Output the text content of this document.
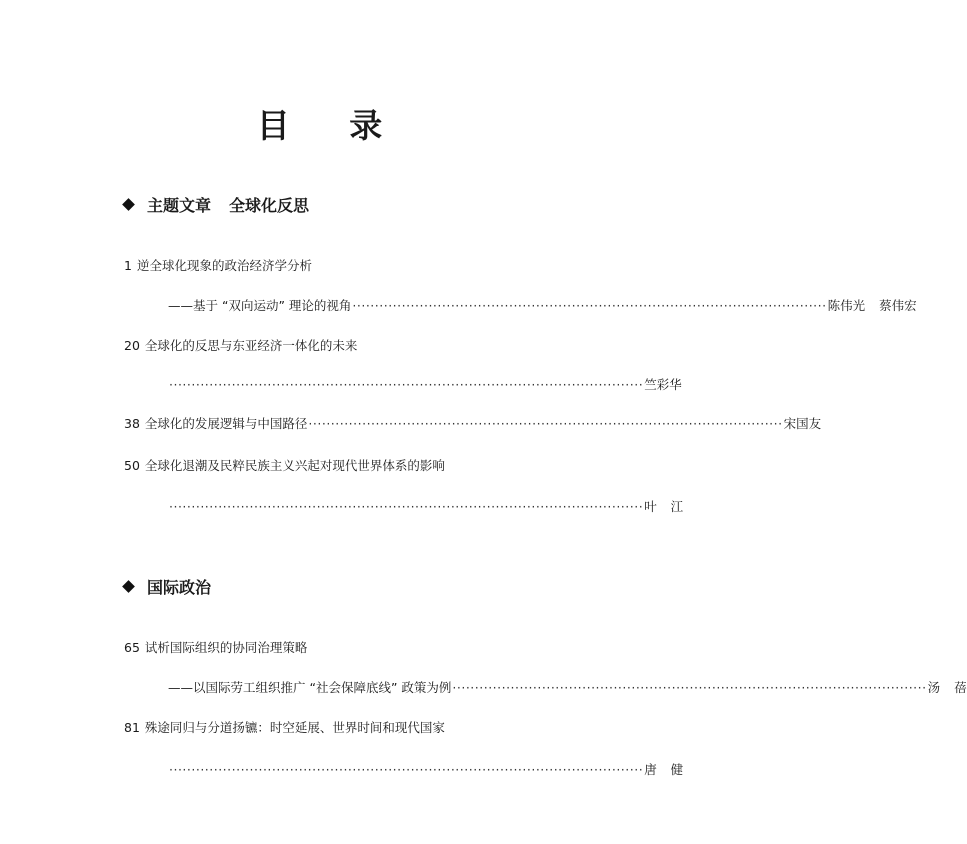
目 录
主题文章 全球化反思
1 逆全球化现象的政治经济学分析
——基于 “双向运动” 理论的视角 ·········································································································· 陈伟光 蔡伟宏
20 全球化的反思与东亚经济一体化的未来
·········································································································· 竺彩华
38 全球化的发展逻辑与中国路径 ·········································································································· 宋国友
50 全球化退潮及民粹民族主义兴起对现代世界体系的影响
·········································································································· 叶 江
国际政治
65 试析国际组织的协同治理策略
——以国际劳工组织推广 “社会保障底线” 政策为例 ·········································································································· 汤 蓓
81 殊途同归与分道扬镳：时空延展、世界时间和现代国家
·········································································································· 唐 健
